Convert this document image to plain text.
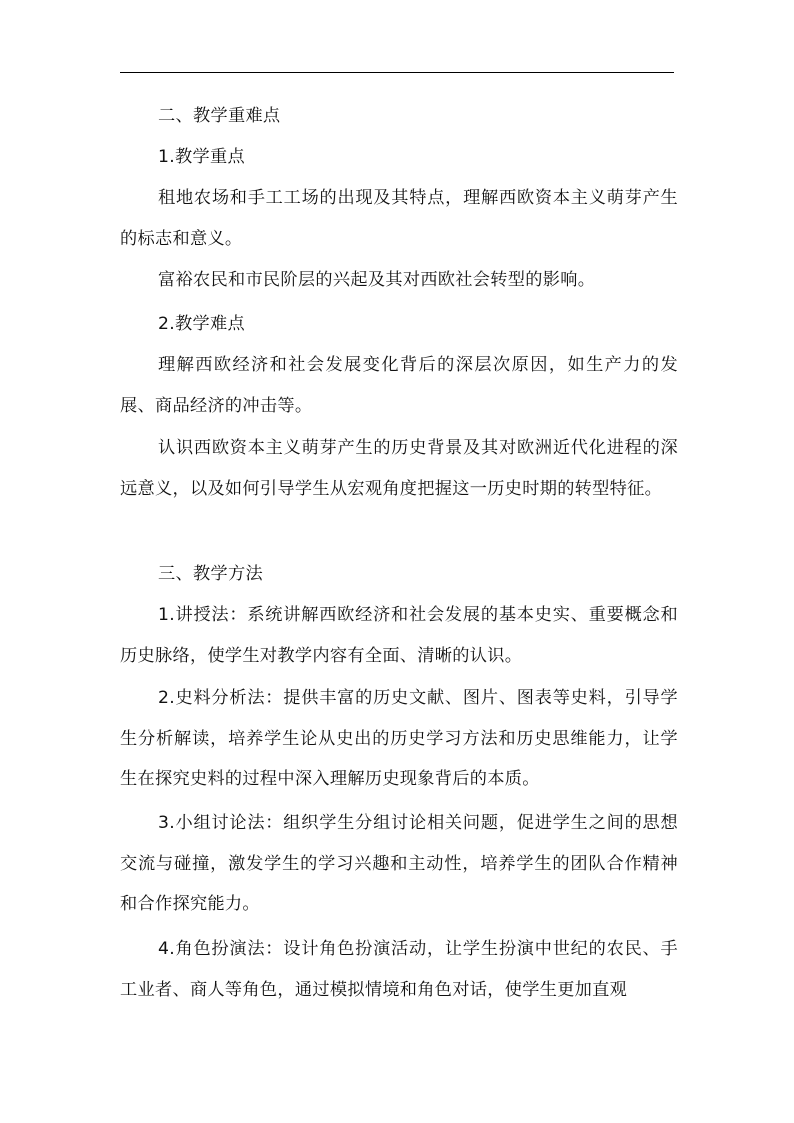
二、教学重难点

1.教学重点

租地农场和手工工场的出现及其特点，理解西欧资本主义萌芽产生的标志和意义。

富裕农民和市民阶层的兴起及其对西欧社会转型的影响。

2.教学难点

理解西欧经济和社会发展变化背后的深层次原因，如生产力的发展、商品经济的冲击等。

认识西欧资本主义萌芽产生的历史背景及其对欧洲近代化进程的深远意义，以及如何引导学生从宏观角度把握这一历史时期的转型特征。

三、教学方法

1.讲授法：系统讲解西欧经济和社会发展的基本史实、重要概念和历史脉络，使学生对教学内容有全面、清晰的认识。

2.史料分析法：提供丰富的历史文献、图片、图表等史料，引导学生分析解读，培养学生论从史出的历史学习方法和历史思维能力，让学生在探究史料的过程中深入理解历史现象背后的本质。

3.小组讨论法：组织学生分组讨论相关问题，促进学生之间的思想交流与碰撞，激发学生的学习兴趣和主动性，培养学生的团队合作精神和合作探究能力。

4.角色扮演法：设计角色扮演活动，让学生扮演中世纪的农民、手工业者、商人等角色，通过模拟情境和角色对话，使学生更加直观
